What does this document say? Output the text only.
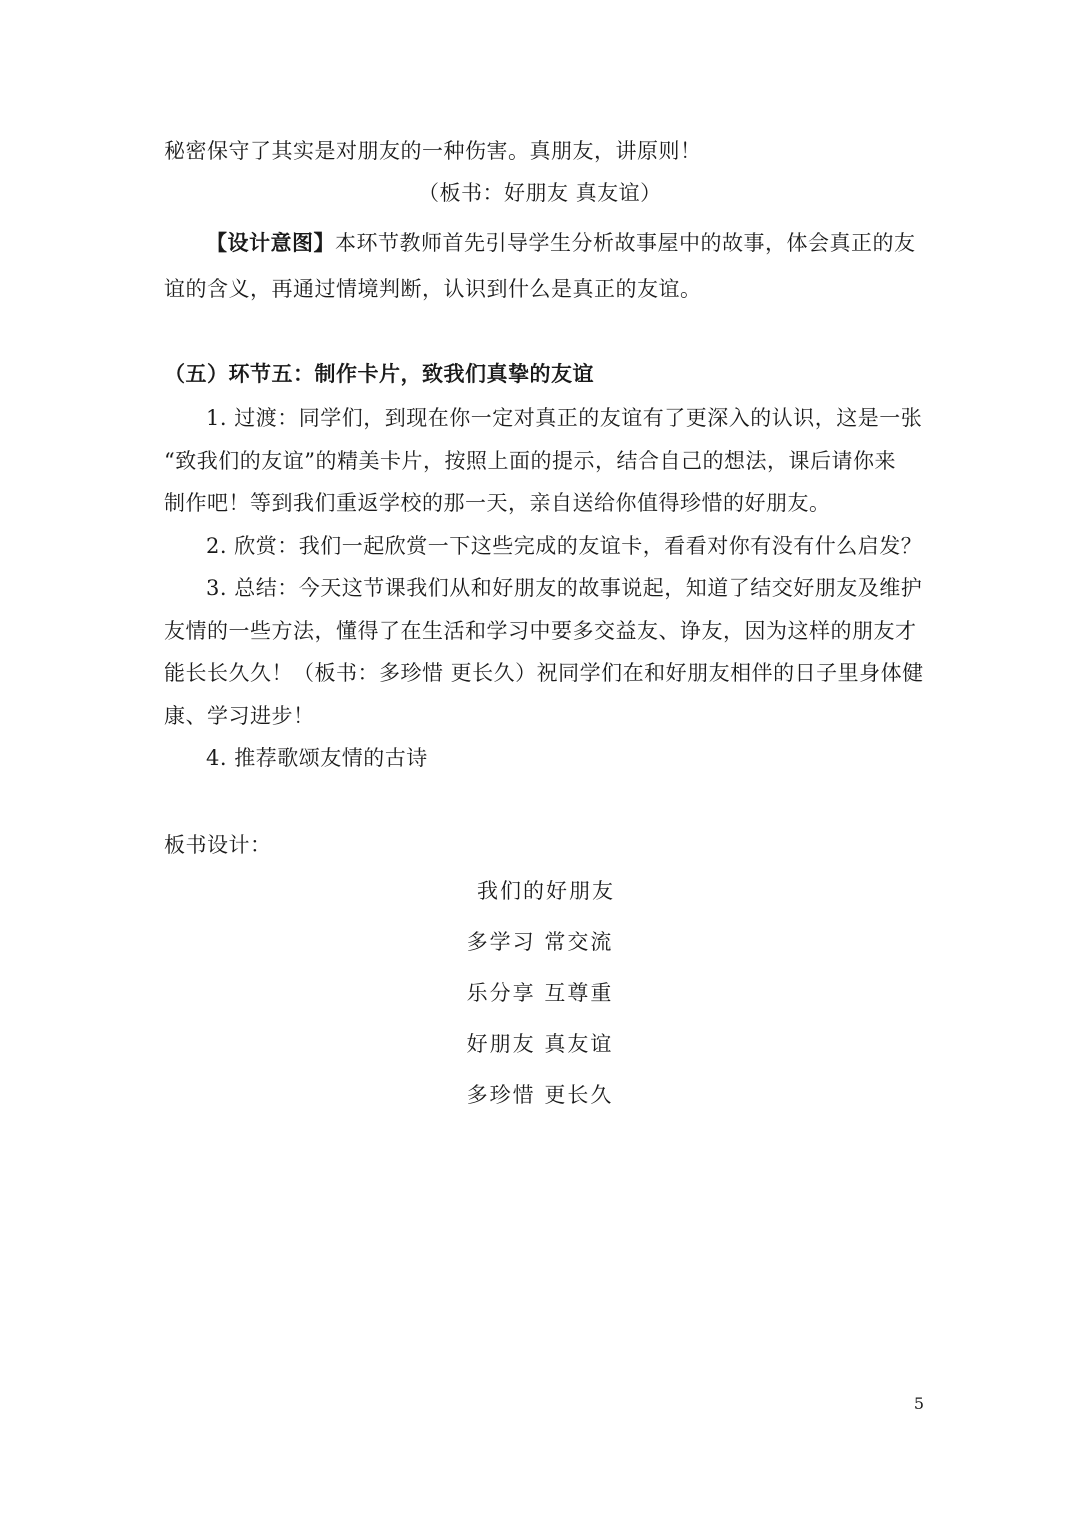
秘密保守了其实是对朋友的一种伤害。真朋友，讲原则！
（板书：好朋友 真友谊）
【设计意图】本环节教师首先引导学生分析故事屋中的故事，体会真正的友
谊的含义，再通过情境判断，认识到什么是真正的友谊。
（五）环节五：制作卡片，致我们真挚的友谊
1. 过渡：同学们，到现在你一定对真正的友谊有了更深入的认识，这是一张
“致我们的友谊”的精美卡片，按照上面的提示，结合自己的想法，课后请你来
制作吧！等到我们重返学校的那一天，亲自送给你值得珍惜的好朋友。
2. 欣赏：我们一起欣赏一下这些完成的友谊卡，看看对你有没有什么启发？
3. 总结：今天这节课我们从和好朋友的故事说起，知道了结交好朋友及维护
友情的一些方法，懂得了在生活和学习中要多交益友、诤友，因为这样的朋友才
能长长久久！（板书：多珍惜 更长久）祝同学们在和好朋友相伴的日子里身体健
康、学习进步！
4. 推荐歌颂友情的古诗
板书设计：
我们的好朋友
多学习 常交流
乐分享 互尊重
好朋友 真友谊
多珍惜 更长久
5
